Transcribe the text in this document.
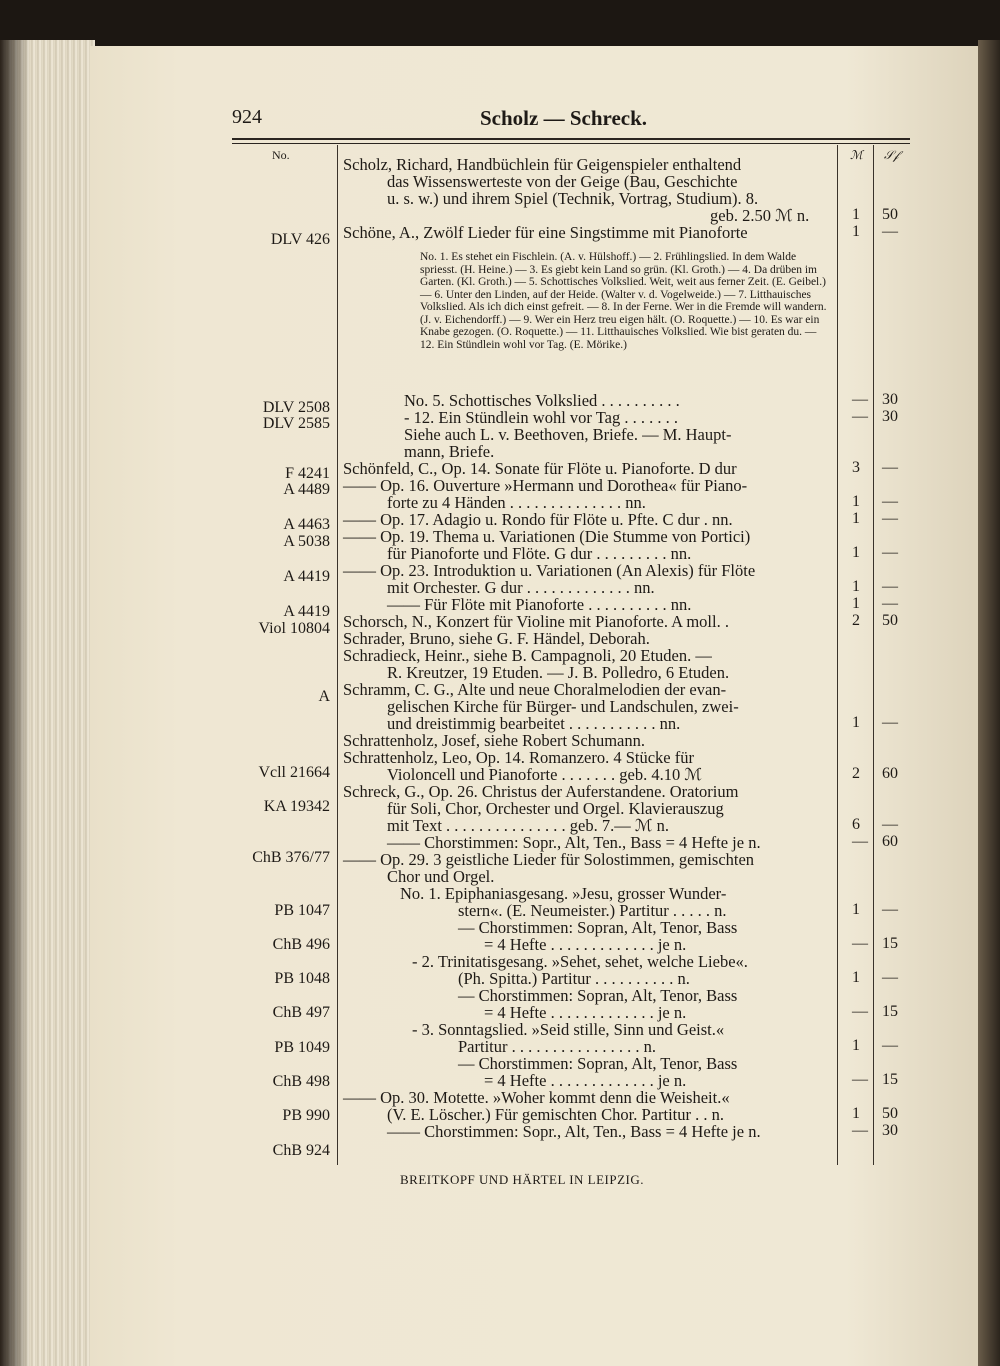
924	Scholz — Schreck.
No.	ℳ 𝒮𝒻
DLV 426
DLV 2508
DLV 2585
F 4241
A 4489
A 4463
A 5038
A 4419
A 4419
Viol 10804
A
Vcll 21664
KA 19342
ChB 376/77
PB 1047
ChB 496
PB 1048
ChB 497
PB 1049
ChB 498
PB 990
ChB 924
Scholz, Richard, Handbüchlein für Geigenspieler enthaltend
das Wissenswerteste von der Geige (Bau, Geschichte
u. s. w.) und ihrem Spiel (Technik, Vortrag, Studium). 8.
geb. 2.50 ℳ n.
Schöne, A., Zwölf Lieder für eine Singstimme mit Pianoforte
No. 5. Schottisches Volkslied . . . . . . . . . .
- 12. Ein Stündlein wohl vor Tag . . . . . . .
Siehe auch L. v. Beethoven, Briefe. — M. Haupt-
mann, Briefe.
Schönfeld, C., Op. 14. Sonate für Flöte u. Pianoforte. D dur
—— Op. 16. Ouverture »Hermann und Dorothea« für Piano-
forte zu 4 Händen . . . . . . . . . . . . . . nn.
—— Op. 17. Adagio u. Rondo für Flöte u. Pfte. C dur . nn.
—— Op. 19. Thema u. Variationen (Die Stumme von Portici)
für Pianoforte und Flöte. G dur . . . . . . . . . nn.
—— Op. 23. Introduktion u. Variationen (An Alexis) für Flöte
mit Orchester. G dur . . . . . . . . . . . . . nn.
—— Für Flöte mit Pianoforte . . . . . . . . . . nn.
Schorsch, N., Konzert für Violine mit Pianoforte. A moll. .
Schrader, Bruno, siehe G. F. Händel, Deborah.
Schradieck, Heinr., siehe B. Campagnoli, 20 Etuden. —
R. Kreutzer, 19 Etuden. — J. B. Polledro, 6 Etuden.
Schramm, C. G., Alte und neue Choralmelodien der evan-
gelischen Kirche für Bürger- und Landschulen, zwei-
und dreistimmig bearbeitet . . . . . . . . . . . nn.
Schrattenholz, Josef, siehe Robert Schumann.
Schrattenholz, Leo, Op. 14. Romanzero. 4 Stücke für
Violoncell und Pianoforte . . . . . . . geb. 4.10 ℳ
Schreck, G., Op. 26. Christus der Auferstandene. Oratorium
für Soli, Chor, Orchester und Orgel. Klavierauszug
mit Text . . . . . . . . . . . . . . . geb. 7.— ℳ n.
—— Chorstimmen: Sopr., Alt, Ten., Bass = 4 Hefte je n.
—— Op. 29. 3 geistliche Lieder für Solostimmen, gemischten
Chor und Orgel.
No. 1. Epiphaniasgesang. »Jesu, grosser Wunder-
stern«. (E. Neumeister.) Partitur . . . . . n.
— Chorstimmen: Sopran, Alt, Tenor, Bass
= 4 Hefte . . . . . . . . . . . . . je n.
- 2. Trinitatisgesang. »Sehet, sehet, welche Liebe«.
(Ph. Spitta.) Partitur . . . . . . . . . . n.
— Chorstimmen: Sopran, Alt, Tenor, Bass
= 4 Hefte . . . . . . . . . . . . . je n.
- 3. Sonntagslied. »Seid stille, Sinn und Geist.«
Partitur . . . . . . . . . . . . . . . . n.
— Chorstimmen: Sopran, Alt, Tenor, Bass
= 4 Hefte . . . . . . . . . . . . . je n.
—— Op. 30. Motette. »Woher kommt denn die Weisheit.«
(V. E. Löscher.) Für gemischten Chor. Partitur . . n.
—— Chorstimmen: Sopr., Alt, Ten., Bass = 4 Hefte je n.
No. 1. Es stehet ein Fischlein. (A. v. Hülshoff.) — 2. Frühlingslied. In dem Walde spriesst. (H. Heine.) — 3. Es giebt kein Land so grün. (Kl. Groth.) — 4. Da drüben im Garten. (Kl. Groth.) — 5. Schottisches Volkslied. Weit, weit aus ferner Zeit. (E. Geibel.) — 6. Unter den Linden, auf der Heide. (Walter v. d. Vogelweide.) — 7. Litthauisches Volkslied. Als ich dich einst gefreit. — 8. In der Ferne. Wer in die Fremde will wandern. (J. v. Eichendorff.) — 9. Wer ein Herz treu eigen hält. (O. Roquette.) — 10. Es war ein Knabe gezogen. (O. Roquette.) — 11. Litthauisches Volkslied. Wie bist geraten du. — 12. Ein Stündlein wohl vor Tag. (E. Mörike.)
1 50
1 —
— 30
— 30
3 —
1 —
1 —
1 —
1 —
1 —
2 50
1 —
2 60
6 —
— 60
1 —
— 15
1 —
— 15
1 —
— 15
1 50
— 30
BREITKOPF UND HÄRTEL IN LEIPZIG.
